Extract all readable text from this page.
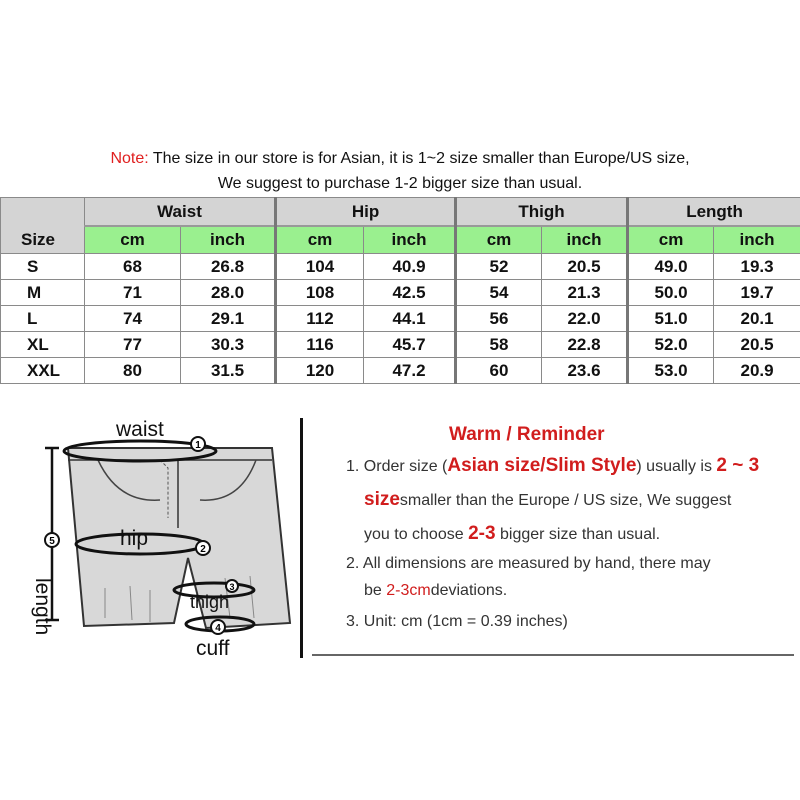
Note: The size in our store is for Asian, it is 1~2 size smaller than Europe/US size,
We suggest to purchase 1-2 bigger size than usual.
Size	Waist		Hip		Thigh		Length	
	cm	inch	cm	inch	cm	inch	cm	inch
S	68	26.8	104	40.9	52	20.5	49.0	19.3
M	71	28.0	108	42.5	54	21.3	50.0	19.7
L	74	29.1	112	44.1	56	22.0	51.0	20.1
XL	77	30.3	116	45.7	58	22.8	52.0	20.5
XXL	80	31.5	120	47.2	60	23.6	53.0	20.9
1
2
3
4
5
waist
hip
thigh
cuff
length
Warm / Reminder
1. Order size (Asian size/Slim Style) usually is 2 ~ 3
sizesmaller than the Europe / US size, We suggest
you to choose 2-3 bigger size than usual.
2. All dimensions are measured by hand, there may
be 2-3cmdeviations.
3. Unit: cm (1cm = 0.39 inches)
